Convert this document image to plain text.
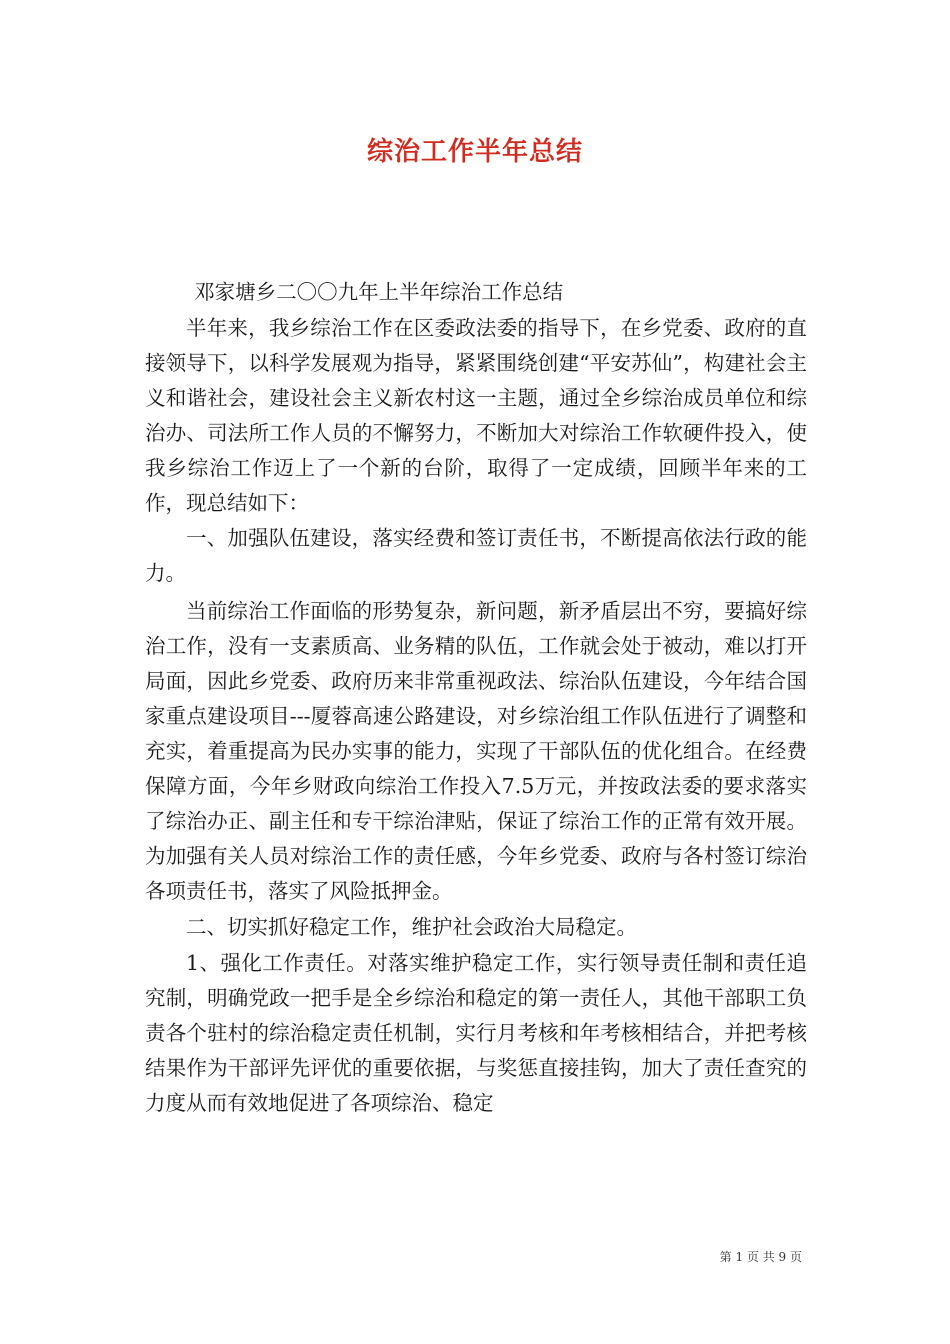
综治工作半年总结

邓家塘乡二〇〇九年上半年综治工作总结

半年来，我乡综治工作在区委政法委的指导下，在乡党委、政府的直接领导下，以科学发展观为指导，紧紧围绕创建“平安苏仙”，构建社会主义和谐社会，建设社会主义新农村这一主题，通过全乡综治成员单位和综治办、司法所工作人员的不懈努力，不断加大对综治工作软硬件投入，使我乡综治工作迈上了一个新的台阶，取得了一定成绩，回顾半年来的工作，现总结如下：

一、加强队伍建设，落实经费和签订责任书，不断提高依法行政的能力。

当前综治工作面临的形势复杂，新问题，新矛盾层出不穷，要搞好综治工作，没有一支素质高、业务精的队伍，工作就会处于被动，难以打开局面，因此乡党委、政府历来非常重视政法、综治队伍建设，今年结合国家重点建设项目---厦蓉高速公路建设，对乡综治组工作队伍进行了调整和充实，着重提高为民办实事的能力，实现了干部队伍的优化组合。在经费保障方面，今年乡财政向综治工作投入7.5万元，并按政法委的要求落实了综治办正、副主任和专干综治津贴，保证了综治工作的正常有效开展。为加强有关人员对综治工作的责任感，今年乡党委、政府与各村签订综治各项责任书，落实了风险抵押金。

二、切实抓好稳定工作，维护社会政治大局稳定。

1、强化工作责任。对落实维护稳定工作，实行领导责任制和责任追究制，明确党政一把手是全乡综治和稳定的第一责任人，其他干部职工负责各个驻村的综治稳定责任机制，实行月考核和年考核相结合，并把考核结果作为干部评先评优的重要依据，与奖惩直接挂钩，加大了责任查究的力度从而有效地促进了各项综治、稳定

第 1 页 共 9 页
